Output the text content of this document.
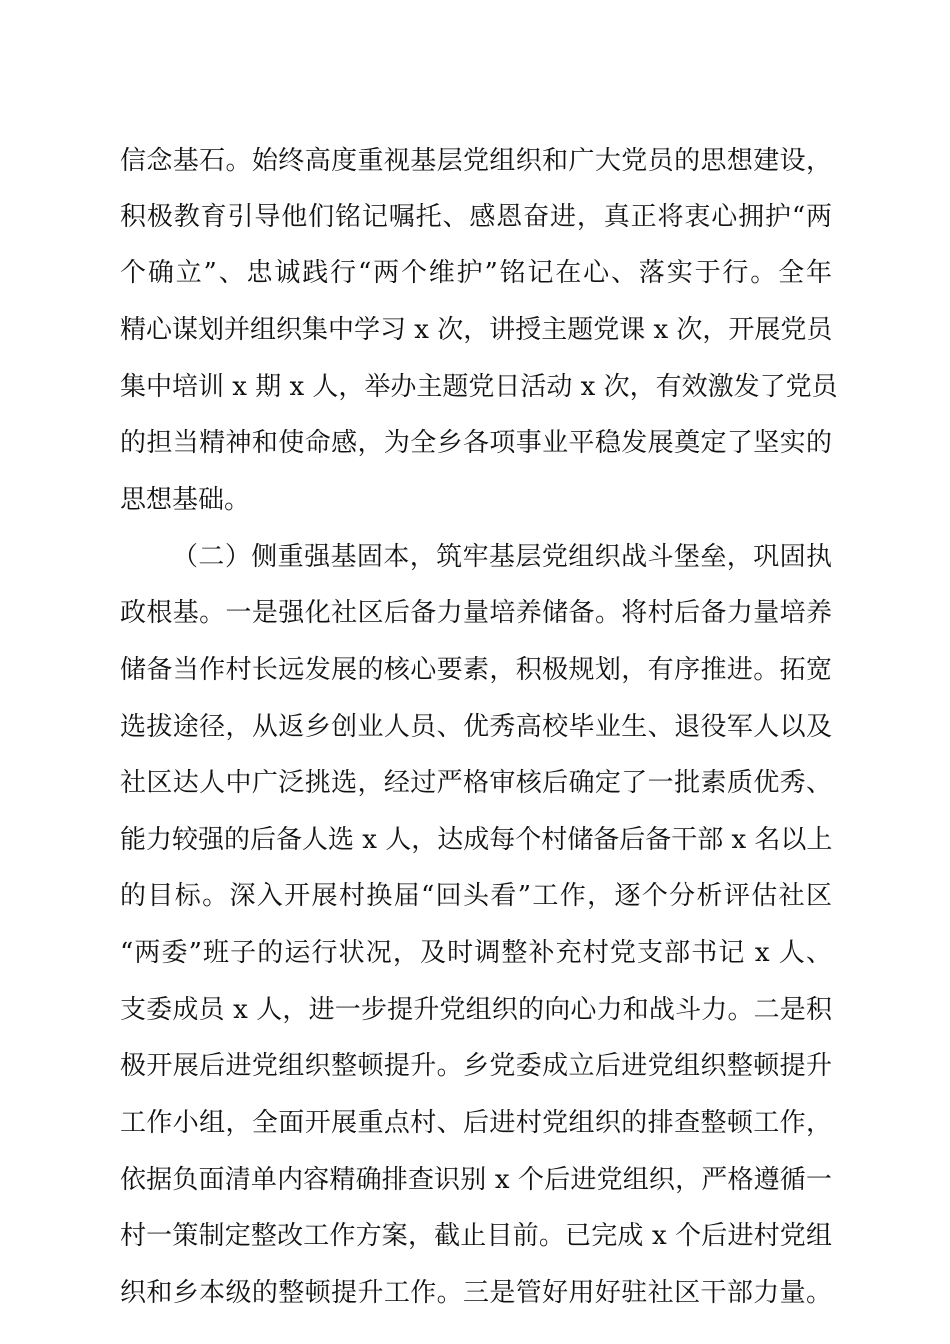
信念基石。始终高度重视基层党组织和广大党员的思想建设，
积极教育引导他们铭记嘱托、感恩奋进，真正将衷心拥护“两
个确立”、忠诚践行“两个维护”铭记在心、落实于行。全年
精心谋划并组织集中学习 x 次，讲授主题党课 x 次，开展党员
集中培训 x 期 x 人，举办主题党日活动 x 次，有效激发了党员
的担当精神和使命感，为全乡各项事业平稳发展奠定了坚实的
思想基础。
（二）侧重强基固本，筑牢基层党组织战斗堡垒，巩固执
政根基。一是强化社区后备力量培养储备。将村后备力量培养
储备当作村长远发展的核心要素，积极规划，有序推进。拓宽
选拔途径，从返乡创业人员、优秀高校毕业生、退役军人以及
社区达人中广泛挑选，经过严格审核后确定了一批素质优秀、
能力较强的后备人选 x 人，达成每个村储备后备干部 x 名以上
的目标。深入开展村换届“回头看”工作，逐个分析评估社区
“两委”班子的运行状况，及时调整补充村党支部书记 x 人、
支委成员 x 人，进一步提升党组织的向心力和战斗力。二是积
极开展后进党组织整顿提升。乡党委成立后进党组织整顿提升
工作小组，全面开展重点村、后进村党组织的排查整顿工作，
依据负面清单内容精确排查识别 x 个后进党组织，严格遵循一
村一策制定整改工作方案，截止目前。已完成 x 个后进村党组
织和乡本级的整顿提升工作。三是管好用好驻社区干部力量。
